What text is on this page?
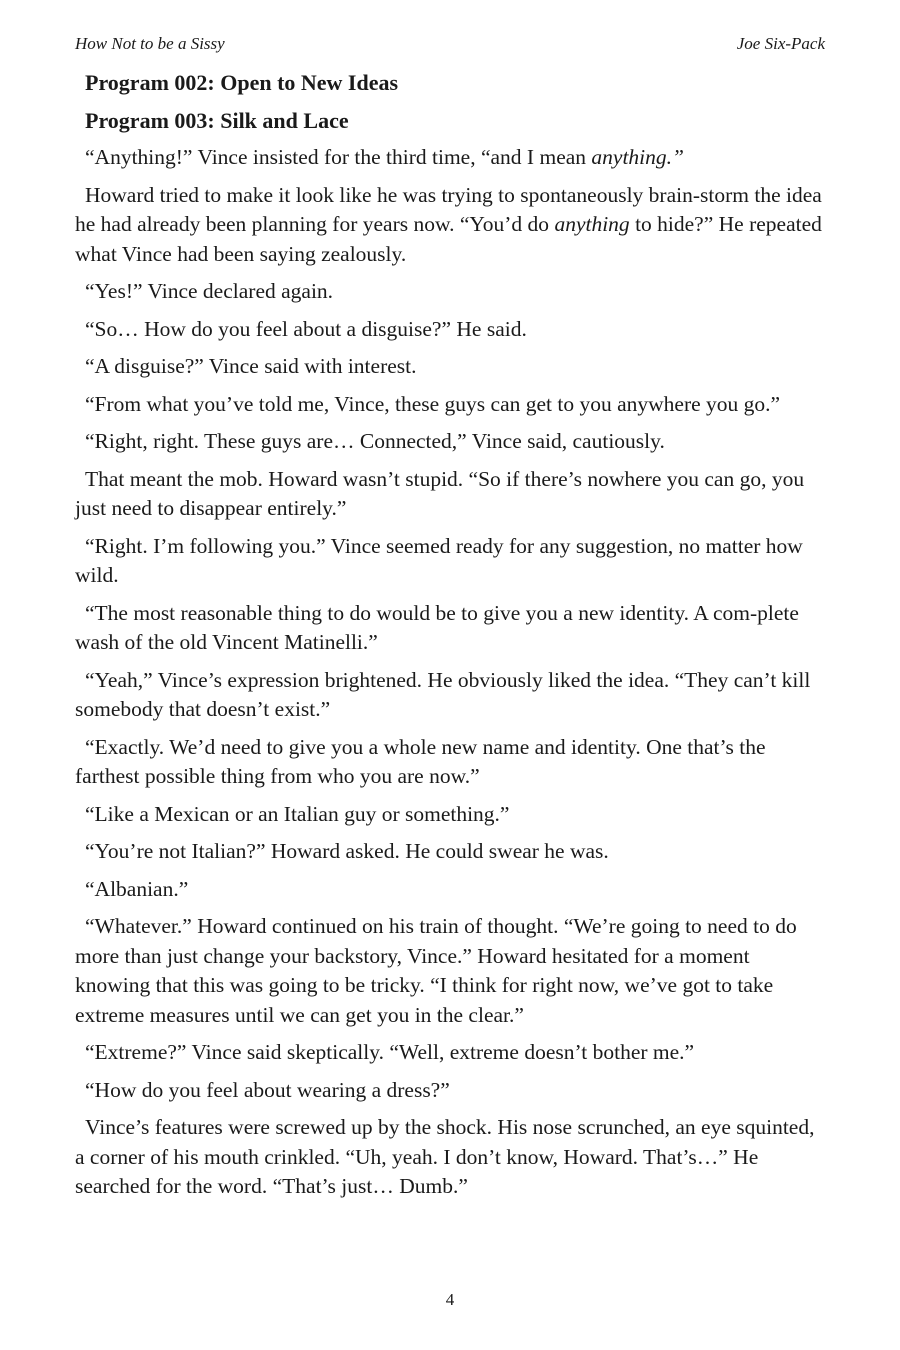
How Not to be a Sissy	Joe Six-Pack

Program 002: Open to New Ideas

Program 003: Silk and Lace

“Anything!” Vince insisted for the third time, “and I mean anything.”

Howard tried to make it look like he was trying to spontaneously brain-storm the idea he had already been planning for years now. “You’d do anything to hide?” He repeated what Vince had been saying zealously.

“Yes!” Vince declared again.

“So… How do you feel about a disguise?” He said.

“A disguise?” Vince said with interest.

“From what you’ve told me, Vince, these guys can get to you anywhere you go.”

“Right, right. These guys are… Connected,” Vince said, cautiously.

That meant the mob. Howard wasn’t stupid. “So if there’s nowhere you can go, you just need to disappear entirely.”

“Right. I’m following you.” Vince seemed ready for any suggestion, no matter how wild.

“The most reasonable thing to do would be to give you a new identity. A com-plete wash of the old Vincent Matinelli.”

“Yeah,” Vince’s expression brightened. He obviously liked the idea. “They can’t kill somebody that doesn’t exist.”

“Exactly. We’d need to give you a whole new name and identity. One that’s the farthest possible thing from who you are now.”

“Like a Mexican or an Italian guy or something.”

“You’re not Italian?” Howard asked. He could swear he was.

“Albanian.”

“Whatever.” Howard continued on his train of thought. “We’re going to need to do more than just change your backstory, Vince.” Howard hesitated for a moment knowing that this was going to be tricky. “I think for right now, we’ve got to take extreme measures until we can get you in the clear.”

“Extreme?” Vince said skeptically. “Well, extreme doesn’t bother me.”

“How do you feel about wearing a dress?”

Vince’s features were screwed up by the shock. His nose scrunched, an eye squinted, a corner of his mouth crinkled. “Uh, yeah. I don’t know, Howard. That’s…” He searched for the word. “That’s just… Dumb.”

4
